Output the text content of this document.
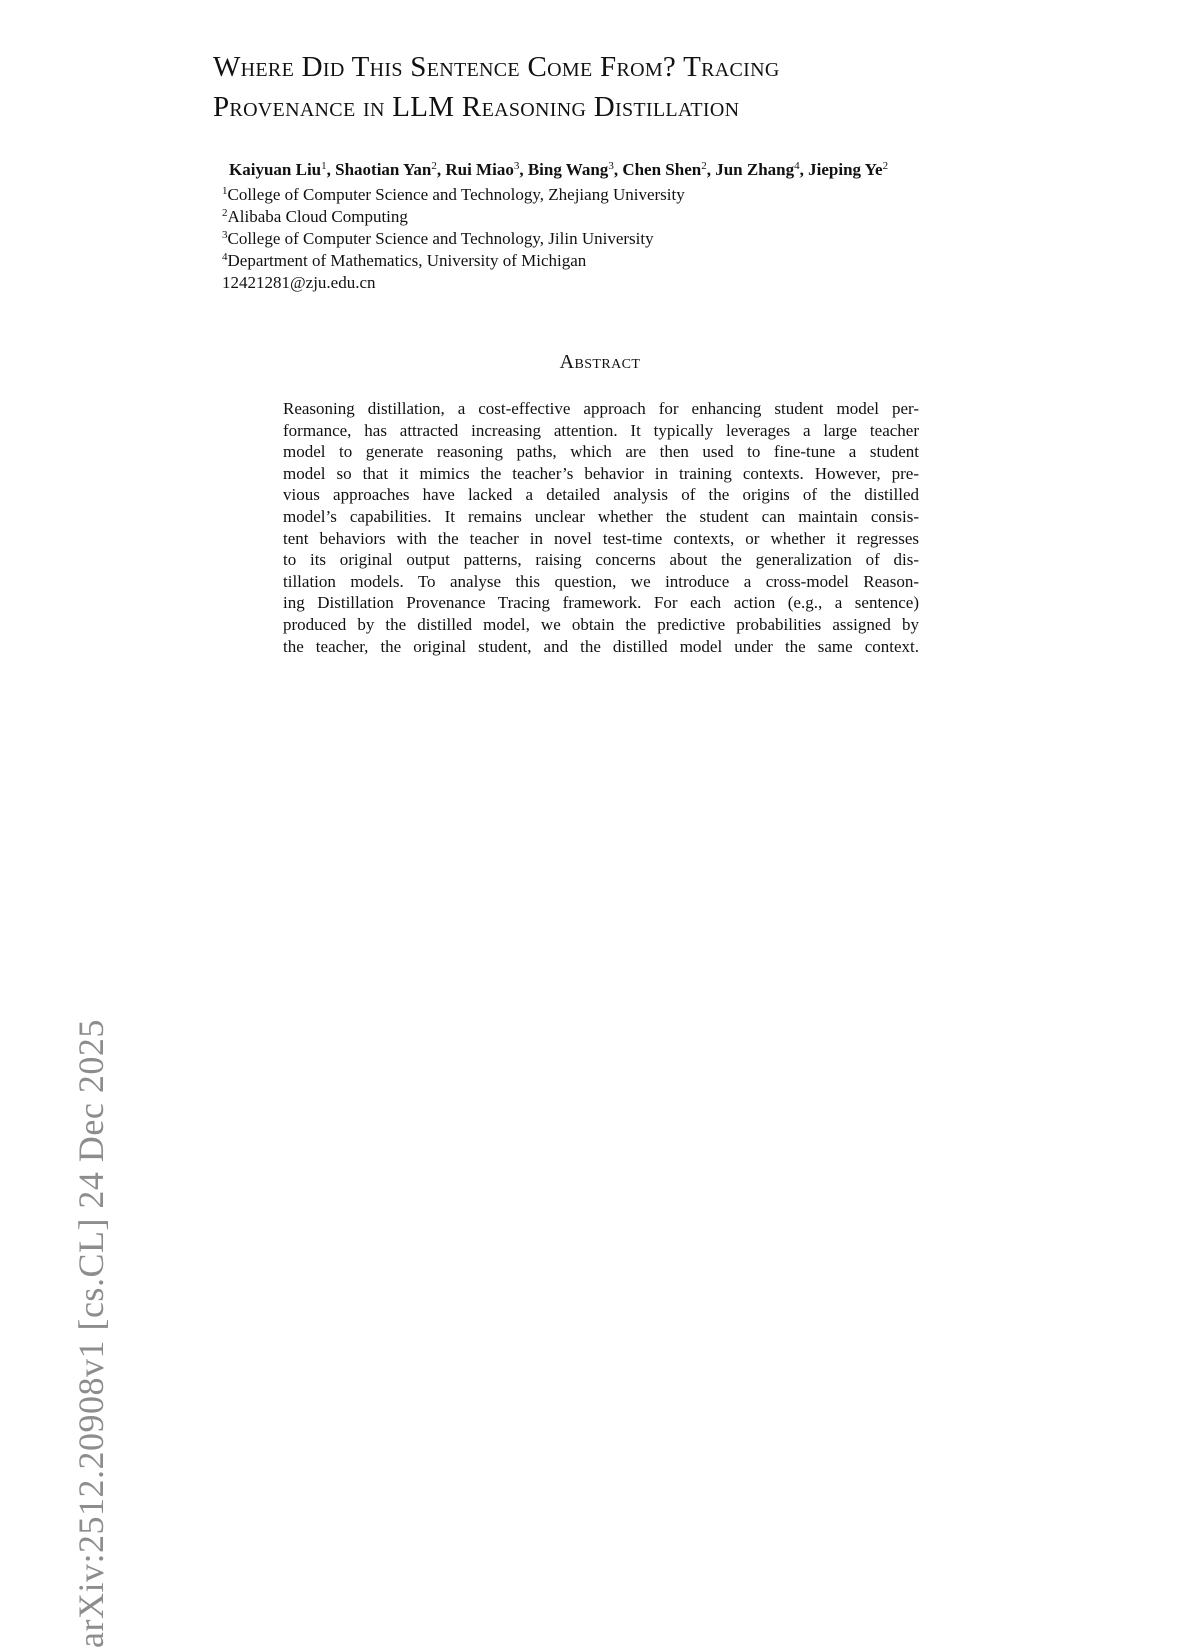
arXiv:2512.20908v1 [cs.CL] 24 Dec 2025
Where Did This Sentence Come From? Tracing
Provenance in LLM Reasoning Distillation
Kaiyuan Liu$^1$, Shaotian Yan$^2$, Rui Miao$^3$, Bing Wang$^3$, Chen Shen$^2$, Jun Zhang$^4$, Jieping Ye$^2$
$^1$College of Computer Science and Technology, Zhejiang University
$^2$Alibaba Cloud Computing
$^3$College of Computer Science and Technology, Jilin University
$^4$Department of Mathematics, University of Michigan
12421281@zju.edu.cn
Abstract
Reasoning distillation, a cost-effective approach for enhancing student model per-
formance, has attracted increasing attention. It typically leverages a large teacher
model to generate reasoning paths, which are then used to fine-tune a student
model so that it mimics the teacher’s behavior in training contexts. However, pre-
vious approaches have lacked a detailed analysis of the origins of the distilled
model’s capabilities. It remains unclear whether the student can maintain consis-
tent behaviors with the teacher in novel test-time contexts, or whether it regresses
to its original output patterns, raising concerns about the generalization of dis-
tillation models. To analyse this question, we introduce a cross-model Reason-
ing Distillation Provenance Tracing framework. For each action (e.g., a sentence)
produced by the distilled model, we obtain the predictive probabilities assigned by
the teacher, the original student, and the distilled model under the same context.
